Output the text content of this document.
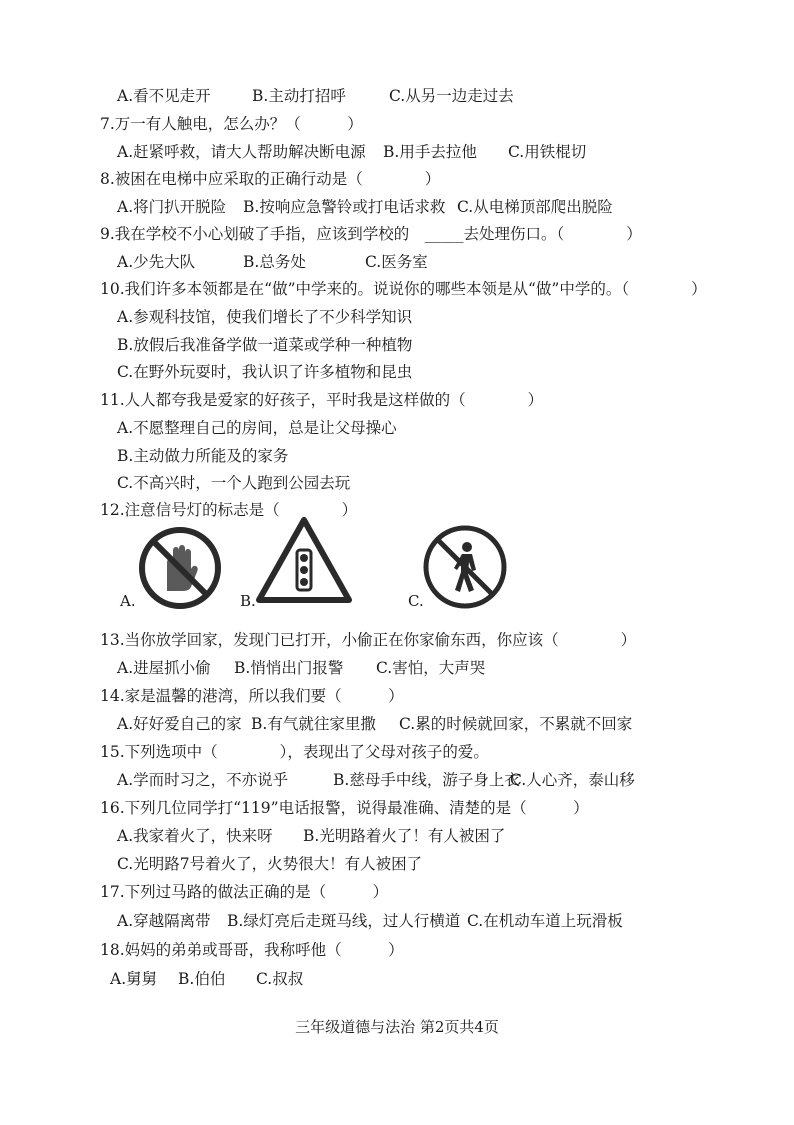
A.看不见走开	B.主动打招呼	C.从另一边走过去
7.万一有人触电，怎么办？（　　　）
A.赶紧呼救，请大人帮助解决断电源 B.用手去拉他 C.用铁棍切
8.被困在电梯中应采取的正确行动是（　　　　）
A.将门扒开脱险 B.按响应急警铃或打电话求救 C.从电梯顶部爬出脱险
9.我在学校不小心划破了手指，应该到学校的　_____去处理伤口。（　　　　）
A.少先大队	B.总务处	C.医务室
10.我们许多本领都是在“做”中学来的。说说你的哪些本领是从“做”中学的。（　　　　）
A.参观科技馆，使我们增长了不少科学知识
B.放假后我准备学做一道菜或学种一种植物
C.在野外玩耍时，我认识了许多植物和昆虫
11.人人都夸我是爱家的好孩子，平时我是这样做的（　　　　）
A.不愿整理自己的房间，总是让父母操心
B.主动做力所能及的家务
C.不高兴时，一个人跑到公园去玩
12.注意信号灯的标志是（　　　　）
A.	B.	C.
13.当你放学回家，发现门已打开，小偷正在你家偷东西，你应该（　　　　）
A.进屋抓小偷 B.悄悄出门报警 C.害怕，大声哭
14.家是温馨的港湾，所以我们要（　　　）
A.好好爱自己的家 B.有气就往家里撒 C.累的时候就回家，不累就不回家
15.下列选项中（　　　　），表现出了父母对孩子的爱。
A.学而时习之，不亦说乎	B.慈母手中线，游子身上衣
C.人心齐，泰山移
16.下列几位同学打“119”电话报警，说得最准确、清楚的是（　　　）
A.我家着火了，快来呀 B.光明路着火了！有人被困了
C.光明路7号着火了，火势很大！有人被困了
17.下列过马路的做法正确的是（　　　）
A.穿越隔离带 B.绿灯亮后走斑马线，过人行横道 C.在机动车道上玩滑板
18.妈妈的弟弟或哥哥，我称呼他（　　　）
A.舅舅 B.伯伯 C.叔叔
三年级道德与法治 第2页共4页
